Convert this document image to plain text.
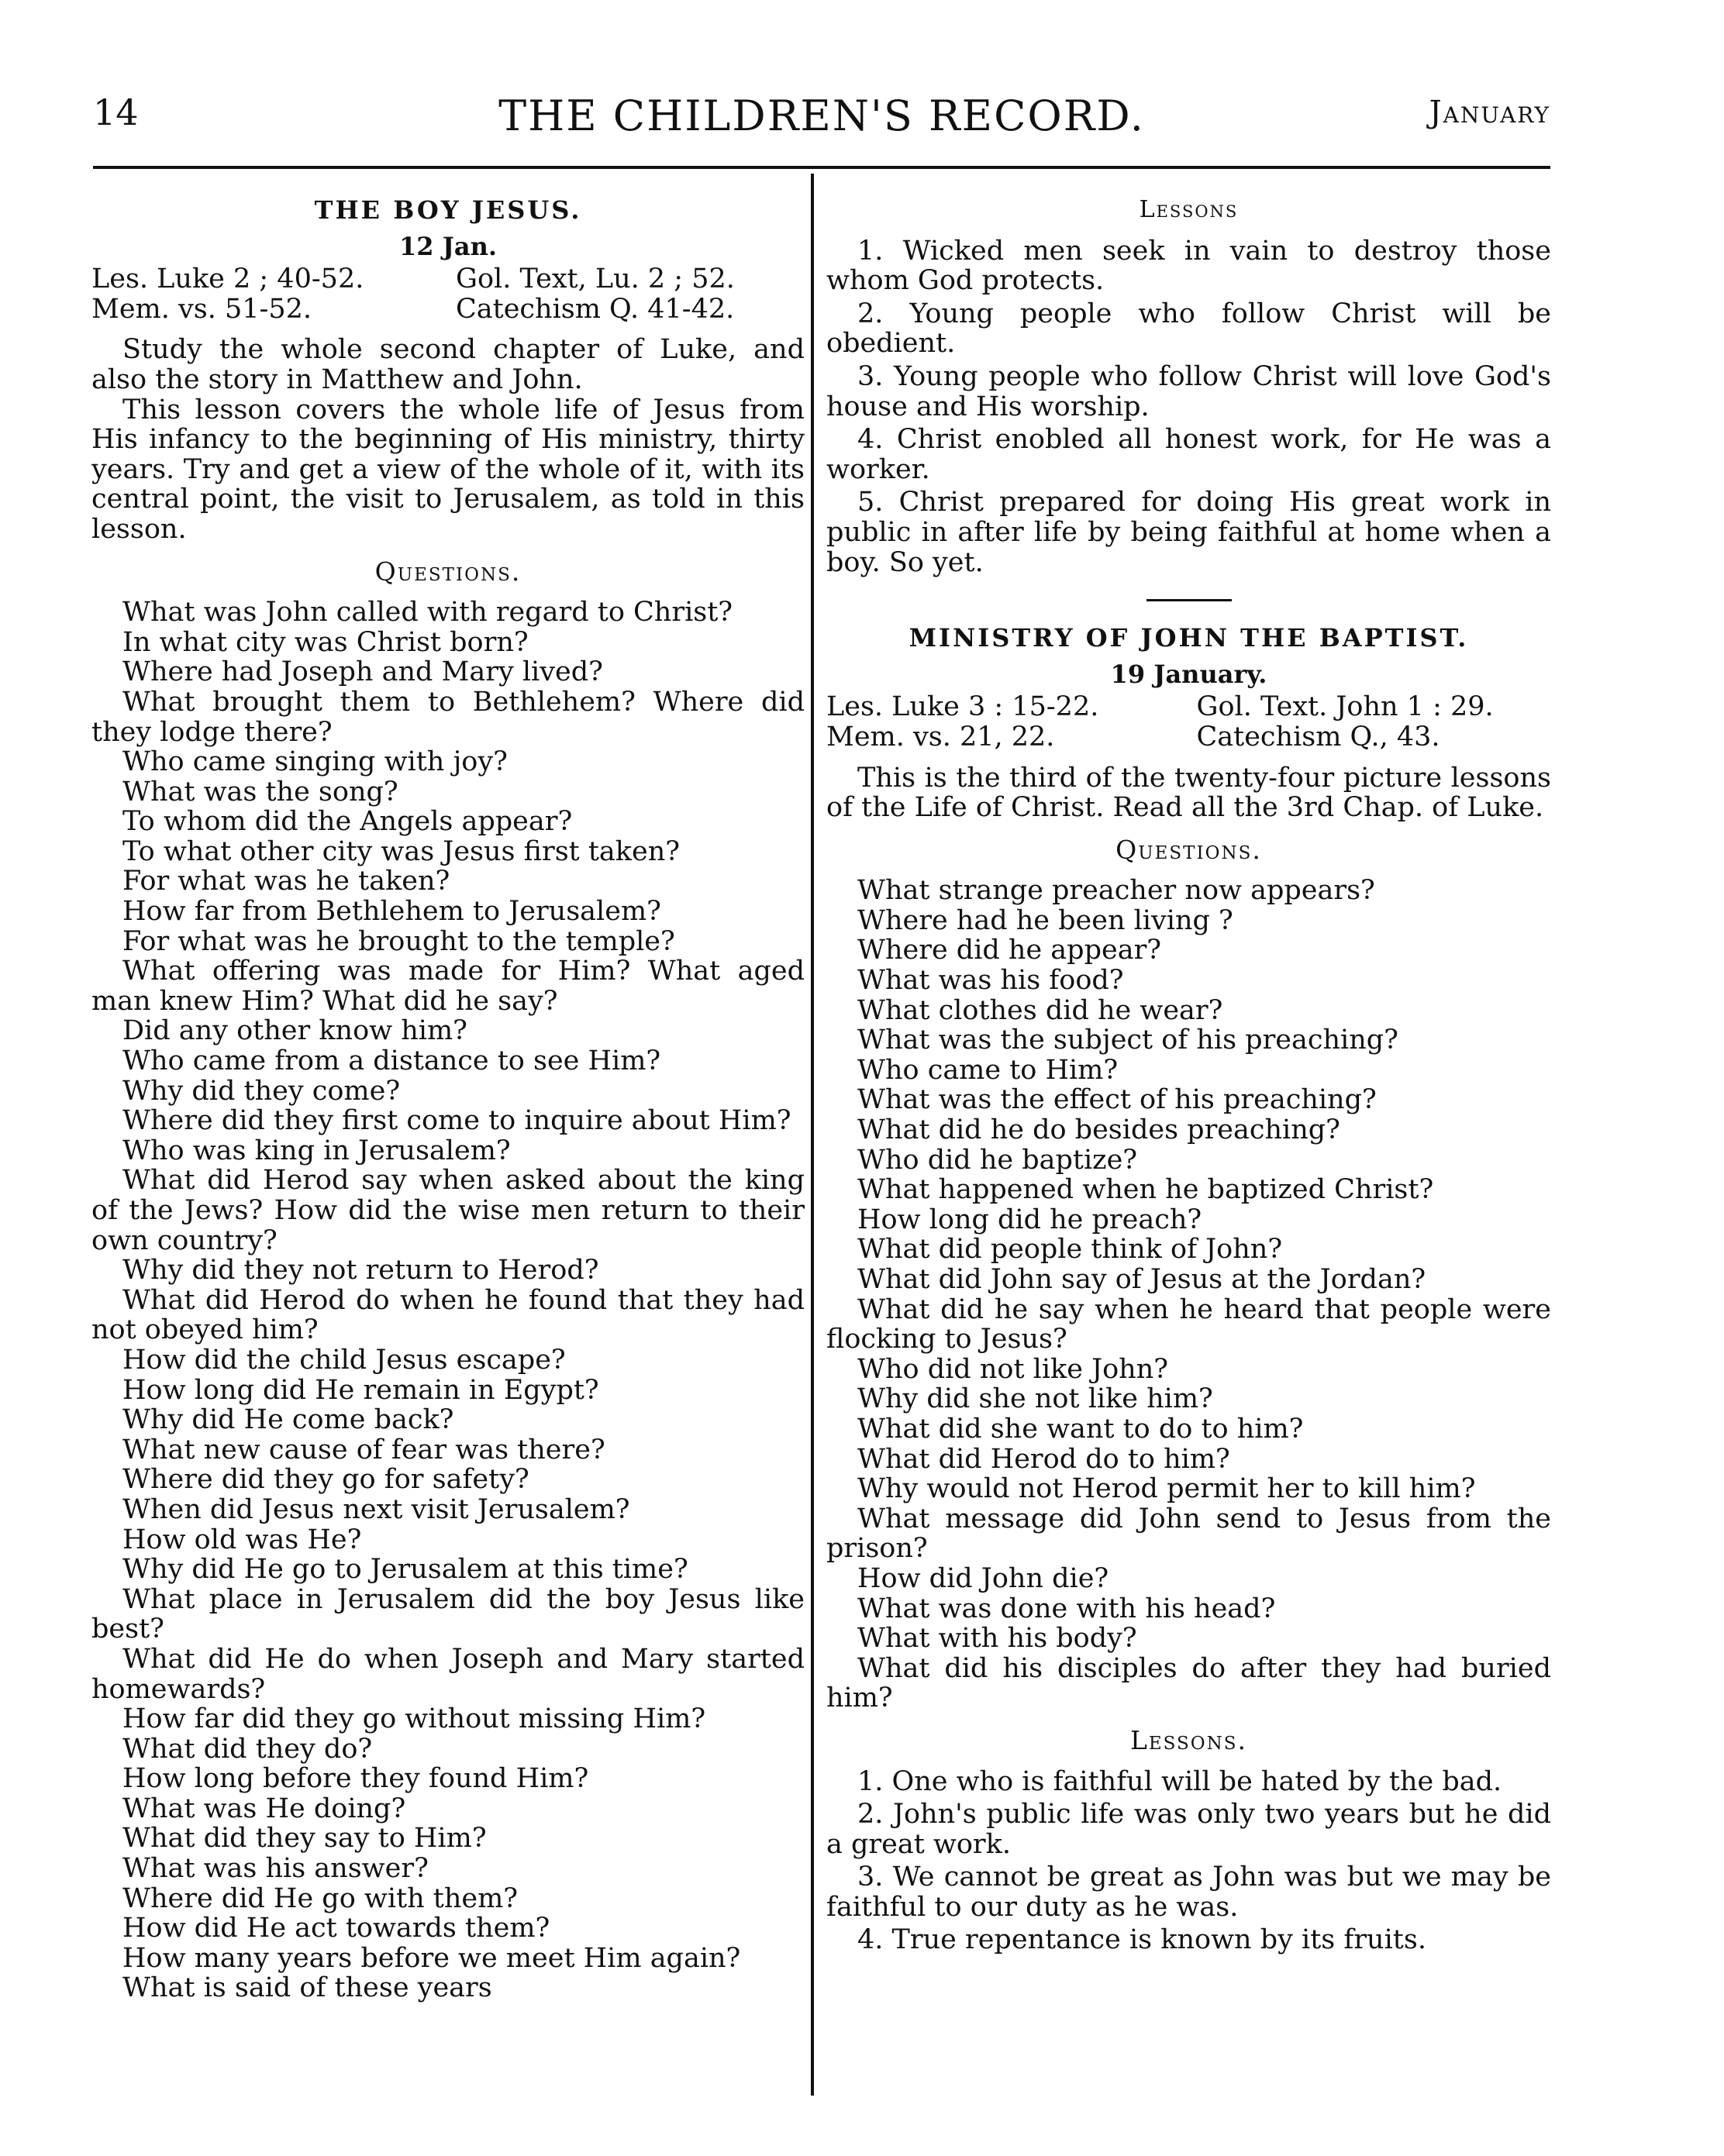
14	THE CHILDREN'S RECORD.	January
THE BOY JESUS.
12 Jan.
Les. Luke 2 ; 40-52.	Gol. Text, Lu. 2 ; 52.
Mem. vs. 51-52.	Catechism Q. 41-42.

Study the whole second chapter of Luke, and also the story in Matthew and John.

This lesson covers the whole life of Jesus from His infancy to the beginning of His ministry, thirty years. Try and get a view of the whole of it, with its central point, the visit to Jerusalem, as told in this lesson.

Questions.

What was John called with regard to Christ?

In what city was Christ born?

Where had Joseph and Mary lived?

What brought them to Bethlehem? Where did they lodge there?

Who came singing with joy?

What was the song?

To whom did the Angels appear?

To what other city was Jesus first taken?

For what was he taken?

How far from Bethlehem to Jerusalem?

For what was he brought to the temple?

What offering was made for Him? What aged man knew Him? What did he say?

Did any other know him?

Who came from a distance to see Him?

Why did they come?

Where did they first come to inquire about Him?

Who was king in Jerusalem?

What did Herod say when asked about the king of the Jews? How did the wise men return to their own country?

Why did they not return to Herod?

What did Herod do when he found that they had not obeyed him?

How did the child Jesus escape?

How long did He remain in Egypt?

Why did He come back?

What new cause of fear was there?

Where did they go for safety?

When did Jesus next visit Jerusalem?

How old was He?

Why did He go to Jerusalem at this time?

What place in Jerusalem did the boy Jesus like best?

What did He do when Joseph and Mary started homewards?

How far did they go without missing Him?

What did they do?

How long before they found Him?

What was He doing?

What did they say to Him?

What was his answer?

Where did He go with them?

How did He act towards them?

How many years before we meet Him again?

What is said of these years

Lessons

1. Wicked men seek in vain to destroy those whom God protects.

2. Young people who follow Christ will be obedient.

3. Young people who follow Christ will love God's house and His worship.

4. Christ enobled all honest work, for He was a worker.

5. Christ prepared for doing His great work in public in after life by being faithful at home when a boy. So yet.

MINISTRY OF JOHN THE BAPTIST.
19 January.
Les. Luke 3 : 15-22.	Gol. Text. John 1 : 29.
Mem. vs. 21, 22.	Catechism Q., 43.

This is the third of the twenty-four picture lessons of the Life of Christ. Read all the 3rd Chap. of Luke.

Questions.

What strange preacher now appears?

Where had he been living ?

Where did he appear?

What was his food?

What clothes did he wear?

What was the subject of his preaching?

Who came to Him?

What was the effect of his preaching?

What did he do besides preaching?

Who did he baptize?

What happened when he baptized Christ?

How long did he preach?

What did people think of John?

What did John say of Jesus at the Jordan?

What did he say when he heard that people were flocking to Jesus?

Who did not like John?

Why did she not like him?

What did she want to do to him?

What did Herod do to him?

Why would not Herod permit her to kill him?

What message did John send to Jesus from the prison?

How did John die?

What was done with his head?

What with his body?

What did his disciples do after they had buried him?

Lessons.

1. One who is faithful will be hated by the bad.

2. John's public life was only two years but he did a great work.

3. We cannot be great as John was but we may be faithful to our duty as he was.

4. True repentance is known by its fruits.
